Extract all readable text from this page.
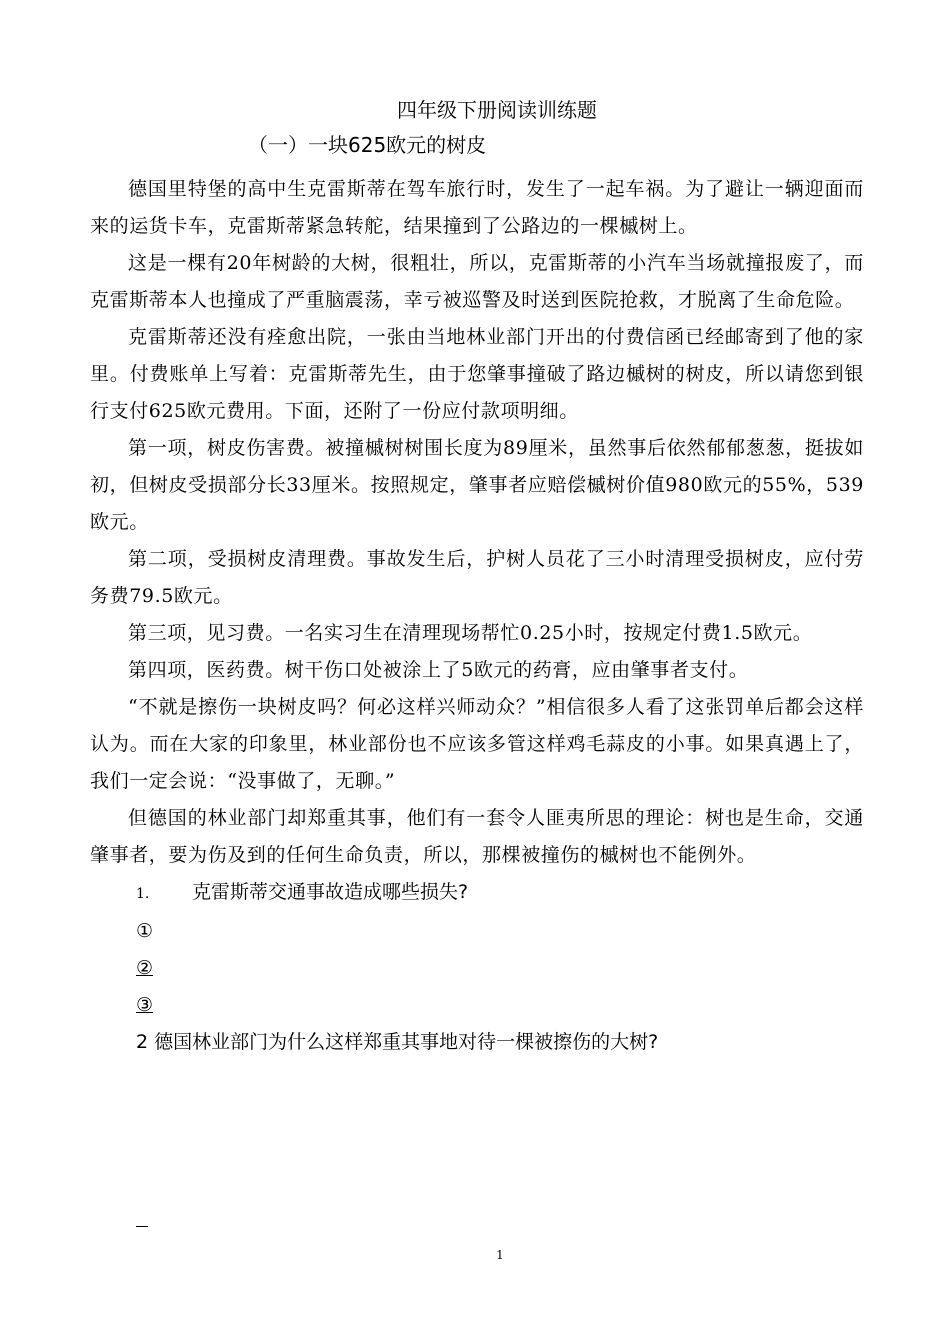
四年级下册阅读训练题
（一）一块625欧元的树皮

德国里特堡的高中生克雷斯蒂在驾车旅行时，发生了一起车祸。为了避让一辆迎面而来的运货卡车，克雷斯蒂紧急转舵，结果撞到了公路边的一棵槭树上。

这是一棵有20年树龄的大树，很粗壮，所以，克雷斯蒂的小汽车当场就撞报废了，而克雷斯蒂本人也撞成了严重脑震荡，幸亏被巡警及时送到医院抢救，才脱离了生命危险。

克雷斯蒂还没有痊愈出院，一张由当地林业部门开出的付费信函已经邮寄到了他的家里。付费账单上写着：克雷斯蒂先生，由于您肇事撞破了路边槭树的树皮，所以请您到银行支付625欧元费用。下面，还附了一份应付款项明细。

第一项，树皮伤害费。被撞槭树树围长度为89厘米，虽然事后依然郁郁葱葱，挺拔如初，但树皮受损部分长33厘米。按照规定，肇事者应赔偿槭树价值980欧元的55%，539欧元。

第二项，受损树皮清理费。事故发生后，护树人员花了三小时清理受损树皮，应付劳务费79.5欧元。

第三项，见习费。一名实习生在清理现场帮忙0.25小时，按规定付费1.5欧元。

第四项，医药费。树干伤口处被涂上了5欧元的药膏，应由肇事者支付。

“不就是擦伤一块树皮吗？何必这样兴师动众？”相信很多人看了这张罚单后都会这样认为。而在大家的印象里，林业部份也不应该多管这样鸡毛蒜皮的小事。如果真遇上了，我们一定会说：“没事做了，无聊。”

但德国的林业部门却郑重其事，他们有一套令人匪夷所思的理论：树也是生命，交通肇事者，要为伤及到的任何生命负责，所以，那棵被撞伤的槭树也不能例外。

1. 克雷斯蒂交通事故造成哪些损失?

①

②

③

2 德国林业部门为什么这样郑重其事地对待一棵被擦伤的大树?

1
